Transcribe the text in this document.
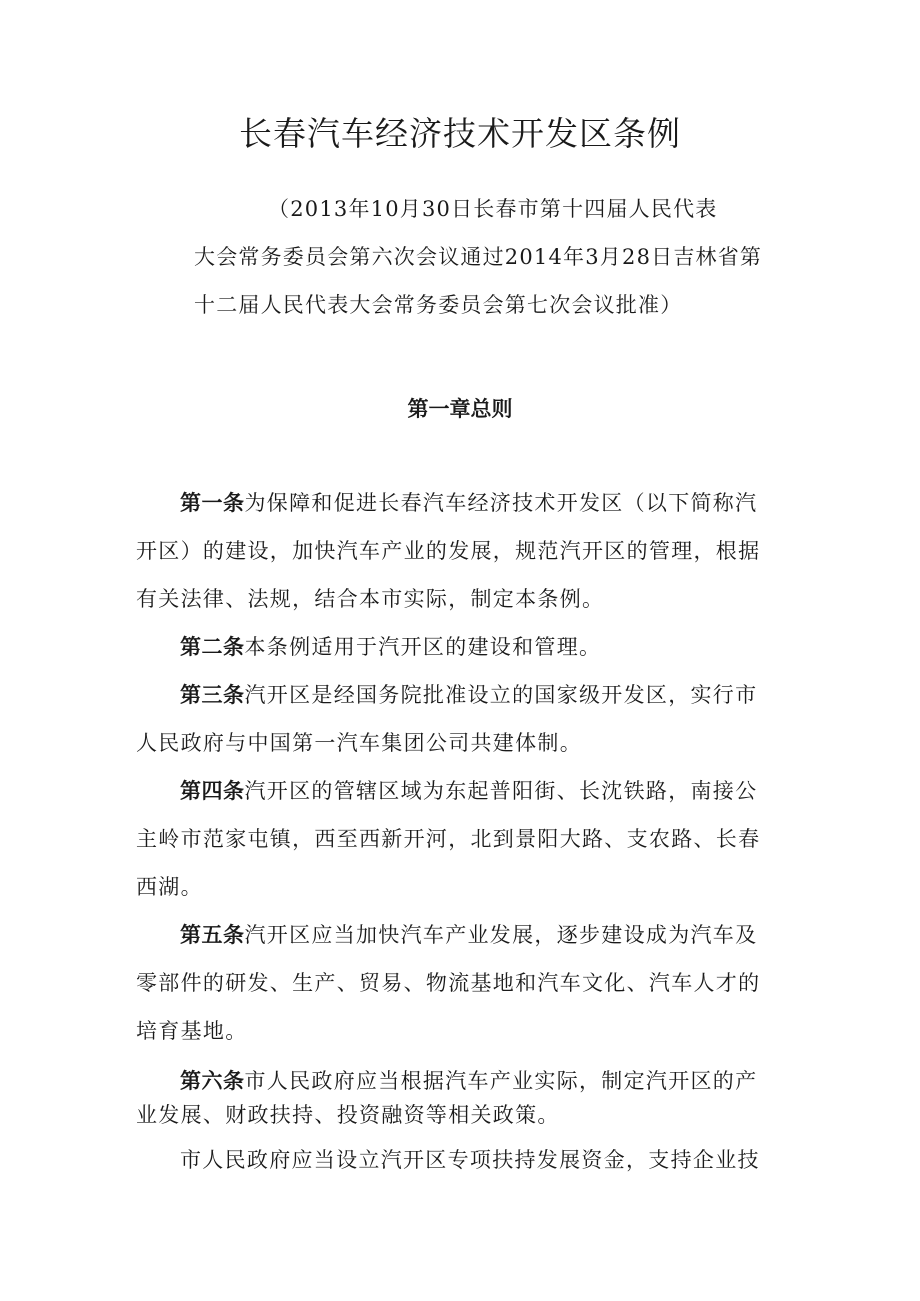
长春汽车经济技术开发区条例
（2013年10月30日长春市第十四届人民代表
大会常务委员会第六次会议通过2014年3月28日吉林省第
十二届人民代表大会常务委员会第七次会议批准）
第一章总则
第一条为保障和促进长春汽车经济技术开发区（以下简称汽
开区）的建设，加快汽车产业的发展，规范汽开区的管理，根据
有关法律、法规，结合本市实际，制定本条例。
第二条本条例适用于汽开区的建设和管理。
第三条汽开区是经国务院批准设立的国家级开发区，实行市
人民政府与中国第一汽车集团公司共建体制。
第四条汽开区的管辖区域为东起普阳街、长沈铁路，南接公
主岭市范家屯镇，西至西新开河，北到景阳大路、支农路、长春
西湖。
第五条汽开区应当加快汽车产业发展，逐步建设成为汽车及
零部件的研发、生产、贸易、物流基地和汽车文化、汽车人才的
培育基地。
第六条市人民政府应当根据汽车产业实际，制定汽开区的产
业发展、财政扶持、投资融资等相关政策。
市人民政府应当设立汽开区专项扶持发展资金，支持企业技
